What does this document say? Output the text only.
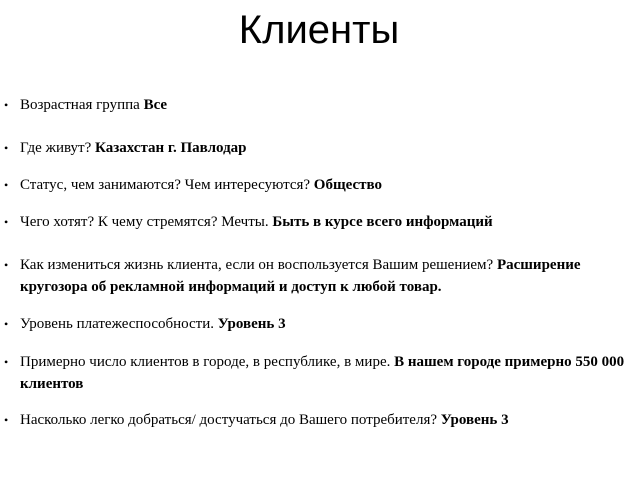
Клиенты
• Возрастная группа Все
• Где живут? Казахстан г. Павлодар
• Статус, чем занимаются? Чем интересуются? Общество
• Чего хотят? К чему стремятся? Мечты. Быть в курсе всего информаций
• Как измениться жизнь клиента, если он воспользуется Вашим решением? Расширение кругозора об рекламной информаций и доступ к любой товар.
• Уровень платежеспособности. Уровень 3
• Примерно число клиентов в городе, в республике, в мире. В нашем городе примерно 550 000 клиентов
• Насколько легко добраться/ достучаться до Вашего потребителя? Уровень 3
